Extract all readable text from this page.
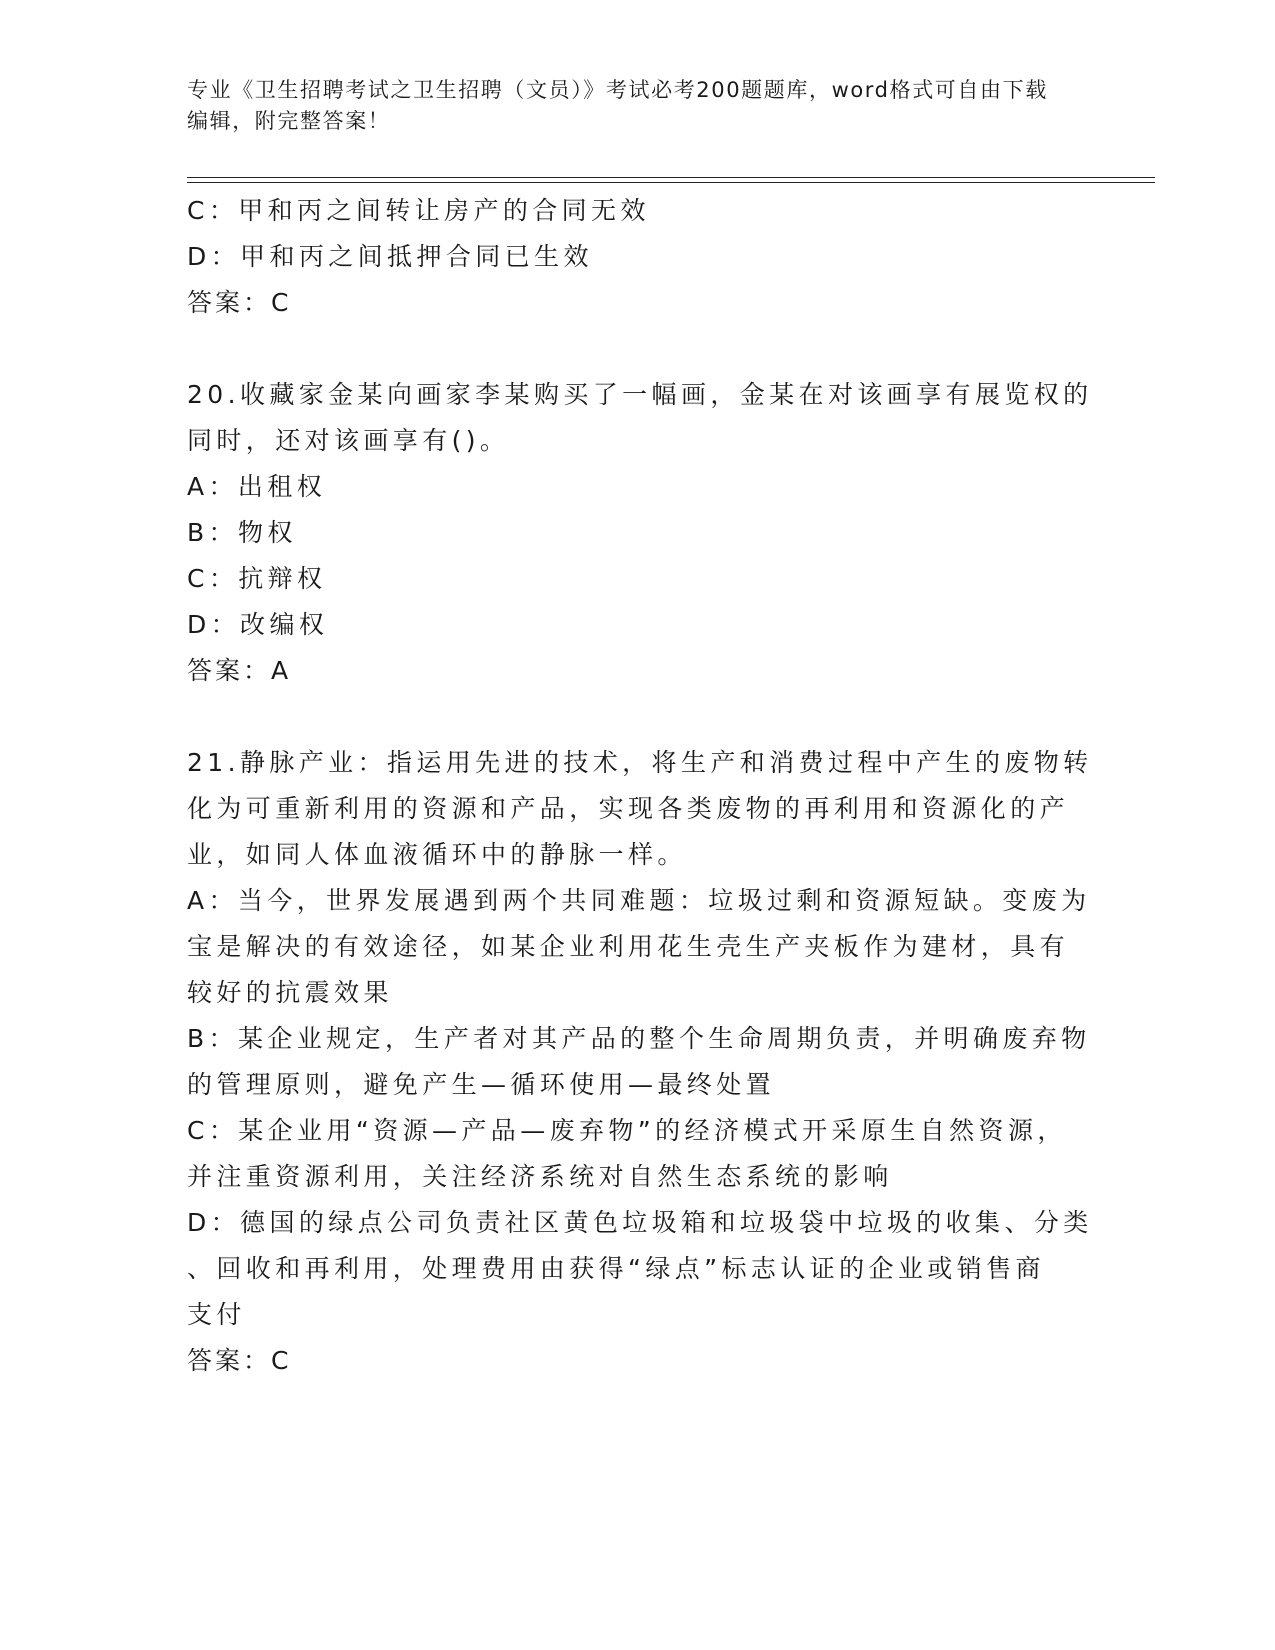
专业《卫生招聘考试之卫生招聘（文员）》考试必考200题题库，word格式可自由下载编辑，附完整答案！
C：甲和丙之间转让房产的合同无效
D：甲和丙之间抵押合同已生效
答案：C
20.收藏家金某向画家李某购买了一幅画，金某在对该画享有展览权的
同时，还对该画享有()。
A：出租权
B：物权
C：抗辩权
D：改编权
答案：A
21.静脉产业：指运用先进的技术，将生产和消费过程中产生的废物转
化为可重新利用的资源和产品，实现各类废物的再利用和资源化的产
业，如同人体血液循环中的静脉一样。
A：当今，世界发展遇到两个共同难题：垃圾过剩和资源短缺。变废为
宝是解决的有效途径，如某企业利用花生壳生产夹板作为建材，具有
较好的抗震效果
B：某企业规定，生产者对其产品的整个生命周期负责，并明确废弃物
的管理原则，避免产生—循环使用—最终处置
C：某企业用“资源—产品—废弃物”的经济模式开采原生自然资源，
并注重资源利用，关注经济系统对自然生态系统的影响
D：德国的绿点公司负责社区黄色垃圾箱和垃圾袋中垃圾的收集、分类
、回收和再利用，处理费用由获得“绿点”标志认证的企业或销售商
支付
答案：C
